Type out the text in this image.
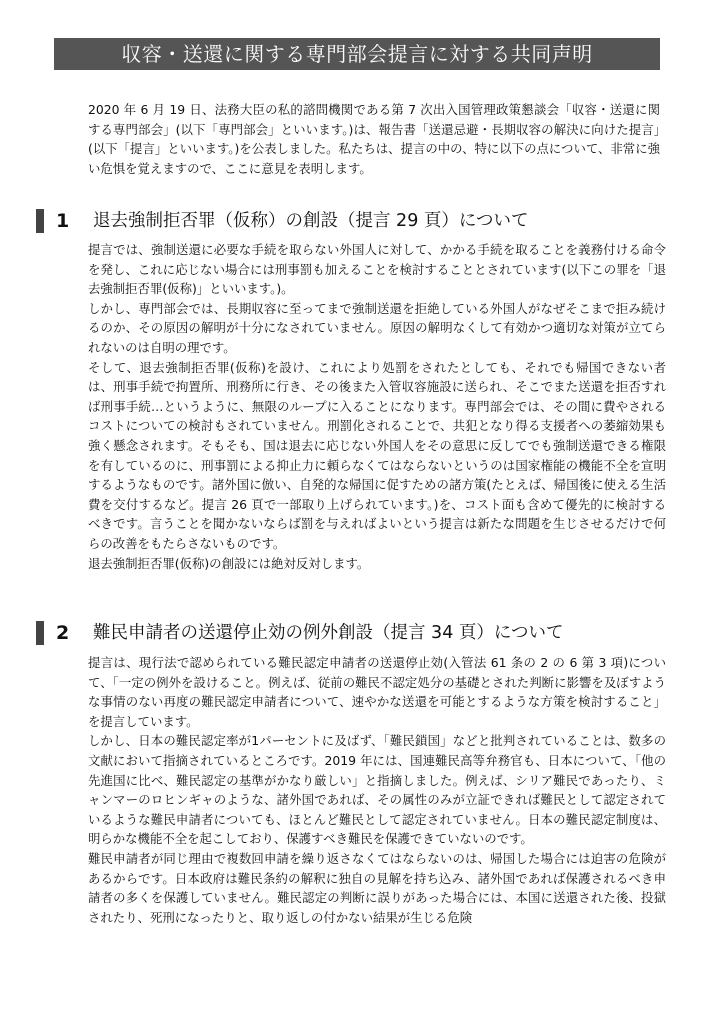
収容・送還に関する専門部会提言に対する共同声明

2020 年 6 月 19 日、法務大臣の私的諮問機関である第 7 次出入国管理政策懇談会「収容・送還に関する専門部会」(以下「専門部会」といいます。)は、報告書「送還忌避・長期収容の解決に向けた提言」(以下「提言」といいます。)を公表しました。私たちは、提言の中の、特に以下の点について、非常に強い危惧を覚えますので、ここに意見を表明します。

1 退去強制拒否罪（仮称）の創設（提言 29 頁）について

提言では、強制送還に必要な手続を取らない外国人に対して、かかる手続を取ることを義務付ける命令を発し、これに応じない場合には刑事罰も加えることを検討することとされています(以下この罪を「退去強制拒否罪(仮称)」といいます。)。

しかし、専門部会では、長期収容に至ってまで強制送還を拒絶している外国人がなぜそこまで拒み続けるのか、その原因の解明が十分になされていません。原因の解明なくして有効かつ適切な対策が立てられないのは自明の理です。

そして、退去強制拒否罪(仮称)を設け、これにより処罰をされたとしても、それでも帰国できない者は、刑事手続で拘置所、刑務所に行き、その後また入管収容施設に送られ、そこでまた送還を拒否すれば刑事手続…というように、無限のループに入ることになります。専門部会では、その間に費やされるコストについての検討もされていません。刑罰化されることで、共犯となり得る支援者への萎縮効果も強く懸念されます。そもそも、国は退去に応じない外国人をその意思に反してでも強制送還できる権限を有しているのに、刑事罰による抑止力に頼らなくてはならないというのは国家権能の機能不全を宣明するようなものです。諸外国に倣い、自発的な帰国に促すための諸方策(たとえば、帰国後に使える生活費を交付するなど。提言 26 頁で一部取り上げられています。)を、コスト面も含めて優先的に検討するべきです。言うことを聞かないならば罰を与えればよいという提言は新たな問題を生じさせるだけで何らの改善をもたらさないものです。

退去強制拒否罪(仮称)の創設には絶対反対します。

2 難民申請者の送還停止効の例外創設（提言 34 頁）について

提言は、現行法で認められている難民認定申請者の送還停止効(入管法 61 条の 2 の 6 第 3 項)について、「一定の例外を設けること。例えば、従前の難民不認定処分の基礎とされた判断に影響を及ぼすような事情のない再度の難民認定申請者について、速やかな送還を可能とするような方策を検討すること」を提言しています。

しかし、日本の難民認定率が1パーセントに及ばず、「難民鎖国」などと批判されていることは、数多の文献において指摘されているところです。2019 年には、国連難民高等弁務官も、日本について、「他の先進国に比べ、難民認定の基準がかなり厳しい」と指摘しました。例えば、シリア難民であったり、ミャンマーのロヒンギャのような、諸外国であれば、その属性のみが立証できれば難民として認定されているような難民申請者についても、ほとんど難民として認定されていません。日本の難民認定制度は、明らかな機能不全を起こしており、保護すべき難民を保護できていないのです。

難民申請者が同じ理由で複数回申請を繰り返さなくてはならないのは、帰国した場合には迫害の危険があるからです。日本政府は難民条約の解釈に独自の見解を持ち込み、諸外国であれば保護されるべき申請者の多くを保護していません。難民認定の判断に誤りがあった場合には、本国に送還された後、投獄されたり、死刑になったりと、取り返しの付かない結果が生じる危険
